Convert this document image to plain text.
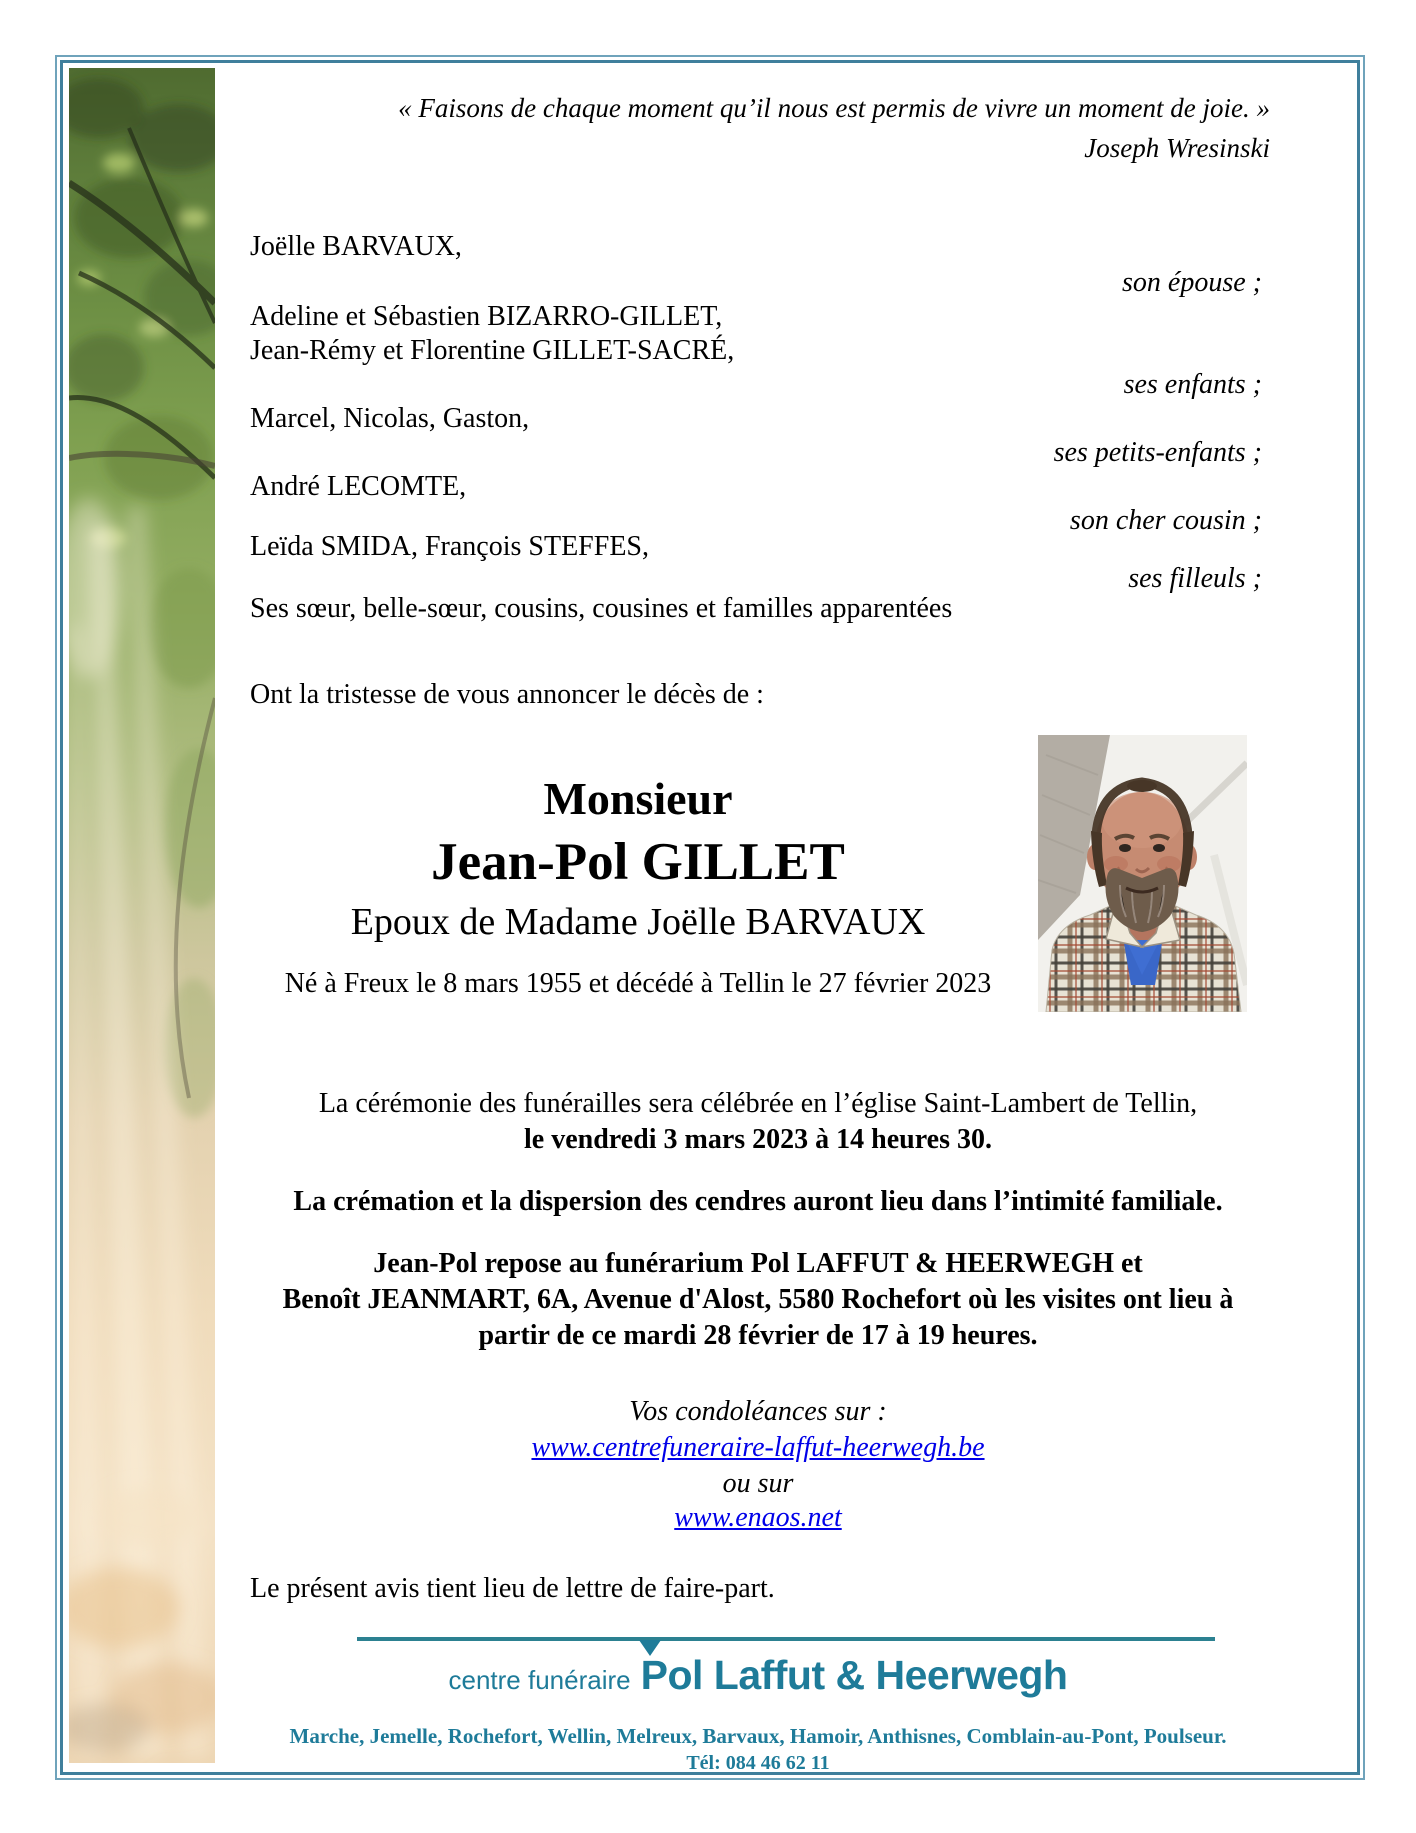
« Faisons de chaque moment qu’il nous est permis de vivre un moment de joie. »
Joseph Wresinski
Joëlle BARVAUX,
son épouse ;
Adeline et Sébastien BIZARRO-GILLET,
Jean-Rémy et Florentine GILLET-SACRÉ,
ses enfants ;
Marcel, Nicolas, Gaston,
ses petits-enfants ;
André LECOMTE,
son cher cousin ;
Leïda SMIDA, François STEFFES,
ses filleuls ;
Ses sœur, belle-sœur, cousins, cousines et familles apparentées
Ont la tristesse de vous annoncer le décès de :
Monsieur
Jean-Pol GILLET
Epoux de Madame Joëlle BARVAUX
Né à Freux le 8 mars 1955 et décédé à Tellin le 27 février 2023
La cérémonie des funérailles sera célébrée en l’église Saint-Lambert de Tellin,
le vendredi 3 mars 2023 à 14 heures 30.
La crémation et la dispersion des cendres auront lieu dans l’intimité familiale.
Jean-Pol repose au funérarium Pol LAFFUT & HEERWEGH et
Benoît JEANMART, 6A, Avenue d'Alost, 5580 Rochefort où les visites ont lieu à
partir de ce mardi 28 février de 17 à 19 heures.
Vos condoléances sur :
www.centrefuneraire-laffut-heerwegh.be
ou sur
www.enaos.net
Le présent avis tient lieu de lettre de faire-part.
centre funéraire Pol Laffut & Heerwegh
Marche, Jemelle, Rochefort, Wellin, Melreux, Barvaux, Hamoir, Anthisnes, Comblain-au-Pont, Poulseur.
Tél: 084 46 62 11
